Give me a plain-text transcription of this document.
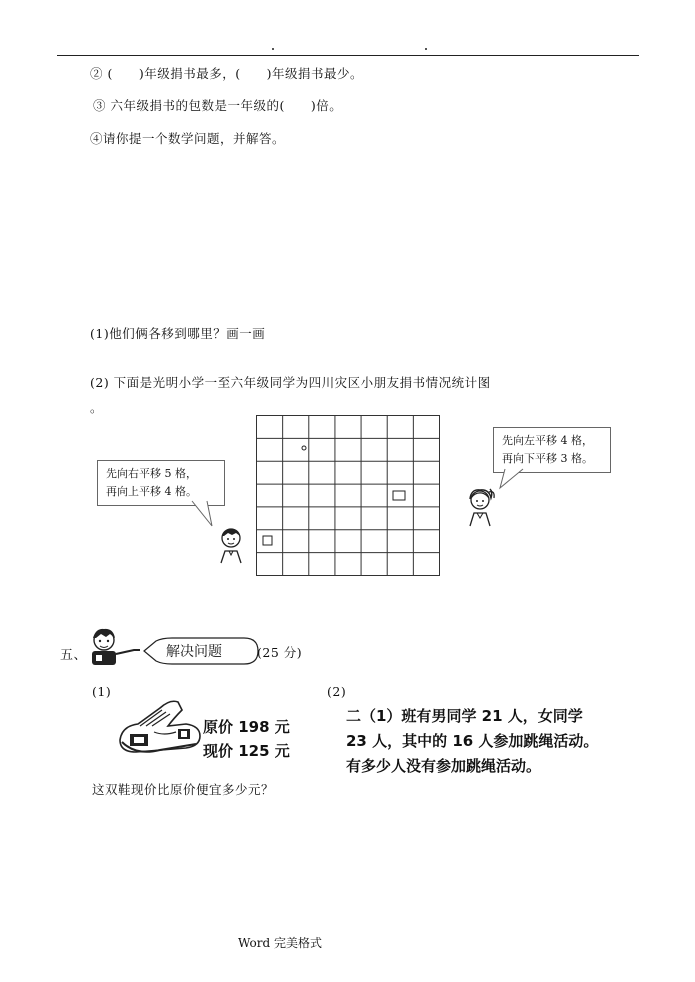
② (　　)年级捐书最多，(　　)年级捐书最少。
③ 六年级捐书的包数是一年级的(　　)倍。
④请你提一个数学问题，并解答。
(1)他们俩各移到哪里？画一画
(2) 下面是光明小学一至六年级同学为四川灾区小朋友捐书情况统计图
。
先向右平移 5 格，
再向上平移 4 格。
先向左平移 4 格，
再向下平移 3 格。
五、	解决问题	(25 分)
(1)	(2)
原价 198 元
现价 125 元
这双鞋现价比原价便宜多少元？
二（1）班有男同学 21 人，女同学
23 人，其中的 16 人参加跳绳活动。
有多少人没有参加跳绳活动。
Word 完美格式
